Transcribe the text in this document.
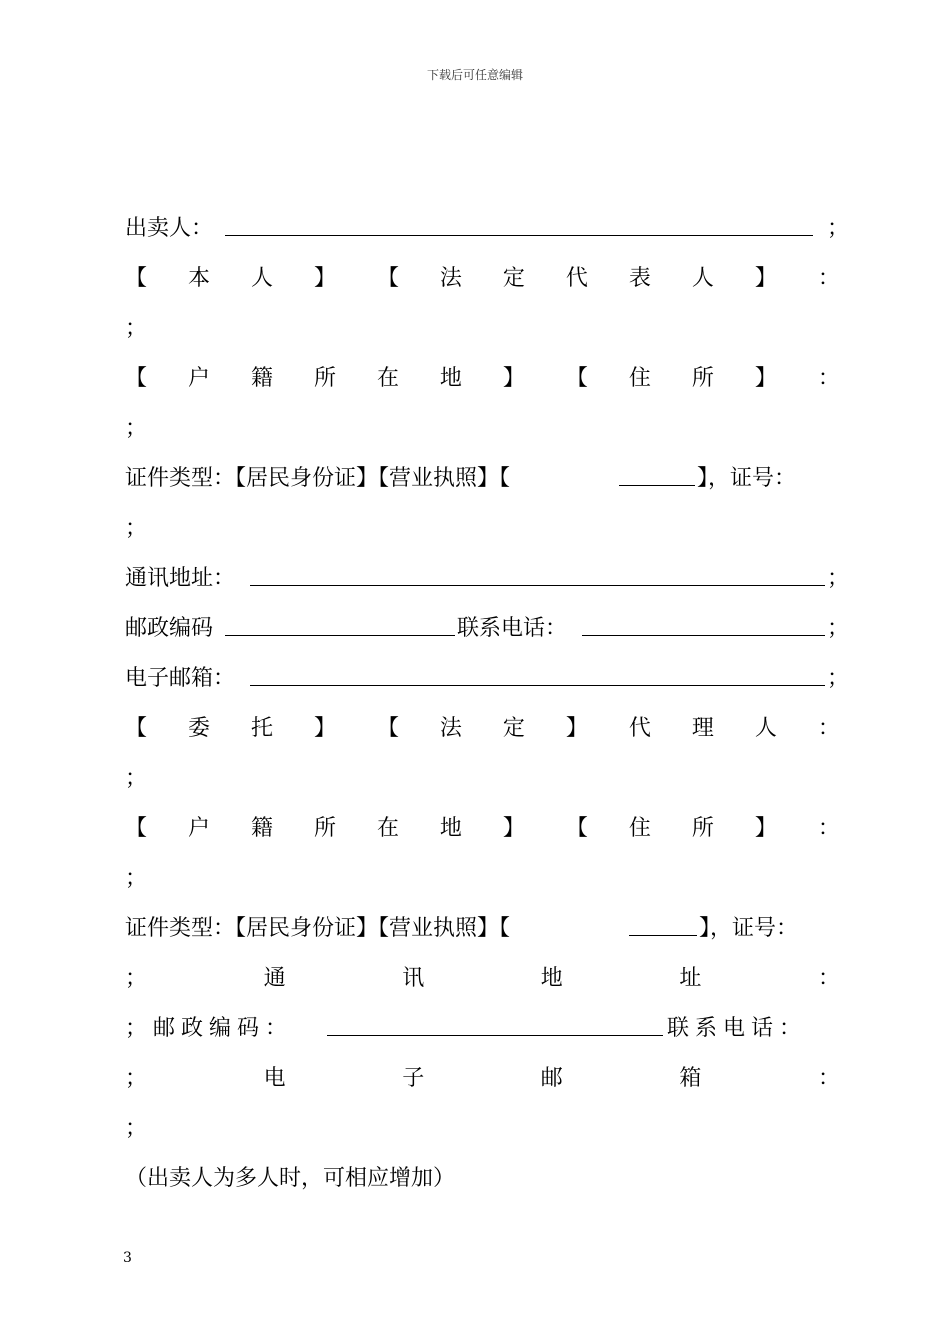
下载后可任意编辑
出卖人：	；
【 本 人 】 【 法 定 代 表 人 】 ：
；
【 户 籍 所 在 地 】 【 住 所 】 ：
；
证件类型：【居民身份证】【营业执照】【	】，证号：
；
通讯地址：	；
邮政编码	联系电话：	；
电子邮箱：	；
【 委 托 】 【 法 定 】 代 理 人 ：
；
【 户 籍 所 在 地 】 【 住 所 】 ：
；
证件类型：【居民身份证】【营业执照】【	】，证号：
；	通	讯	地	址	：
；邮政编码：	联系电话：
；	电	子	邮	箱	：
；
（出卖人为多人时，可相应增加）
3
